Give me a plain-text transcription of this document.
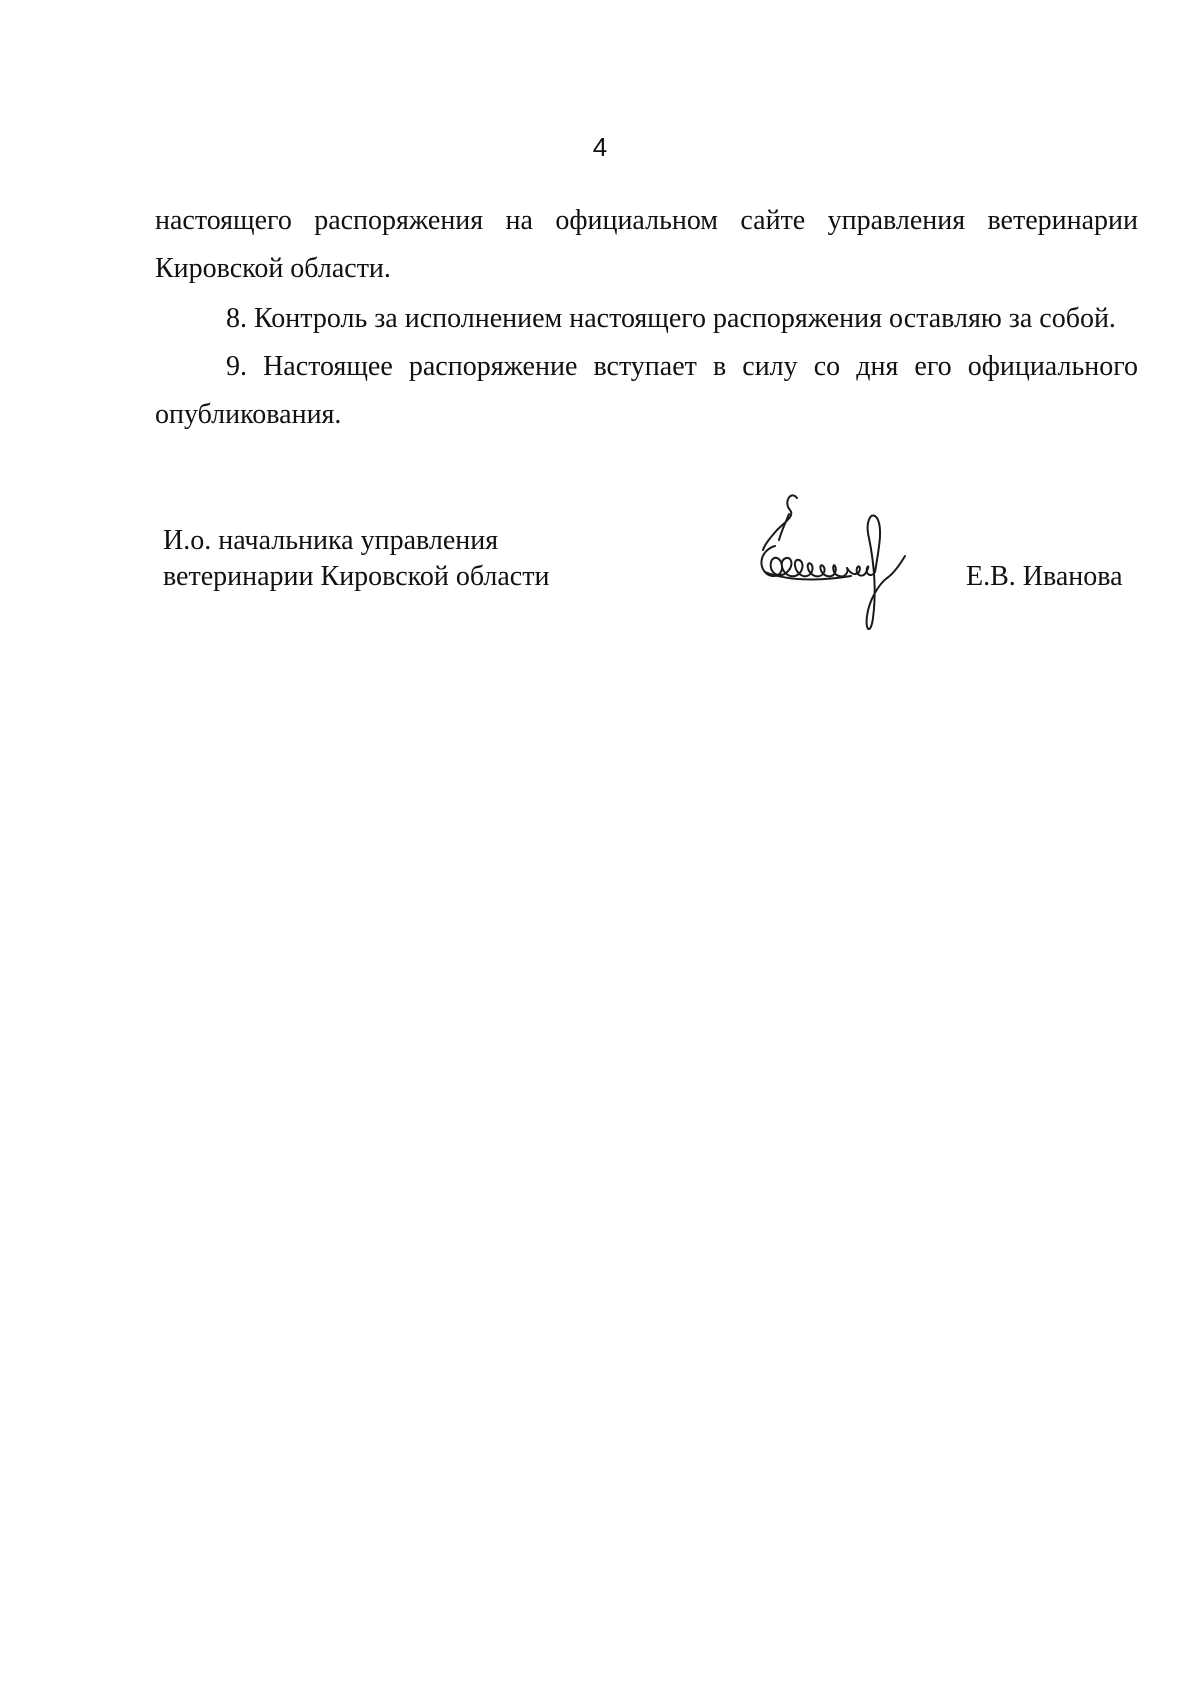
4

настоящего распоряжения на официальном сайте управления ветеринарии Кировской области.

8. Контроль за исполнением настоящего распоряжения оставляю за собой.

9. Настоящее распоряжение вступает в силу со дня его официального опубликования.

И.о. начальника управления
ветеринарии Кировской области	Е.В. Иванова
